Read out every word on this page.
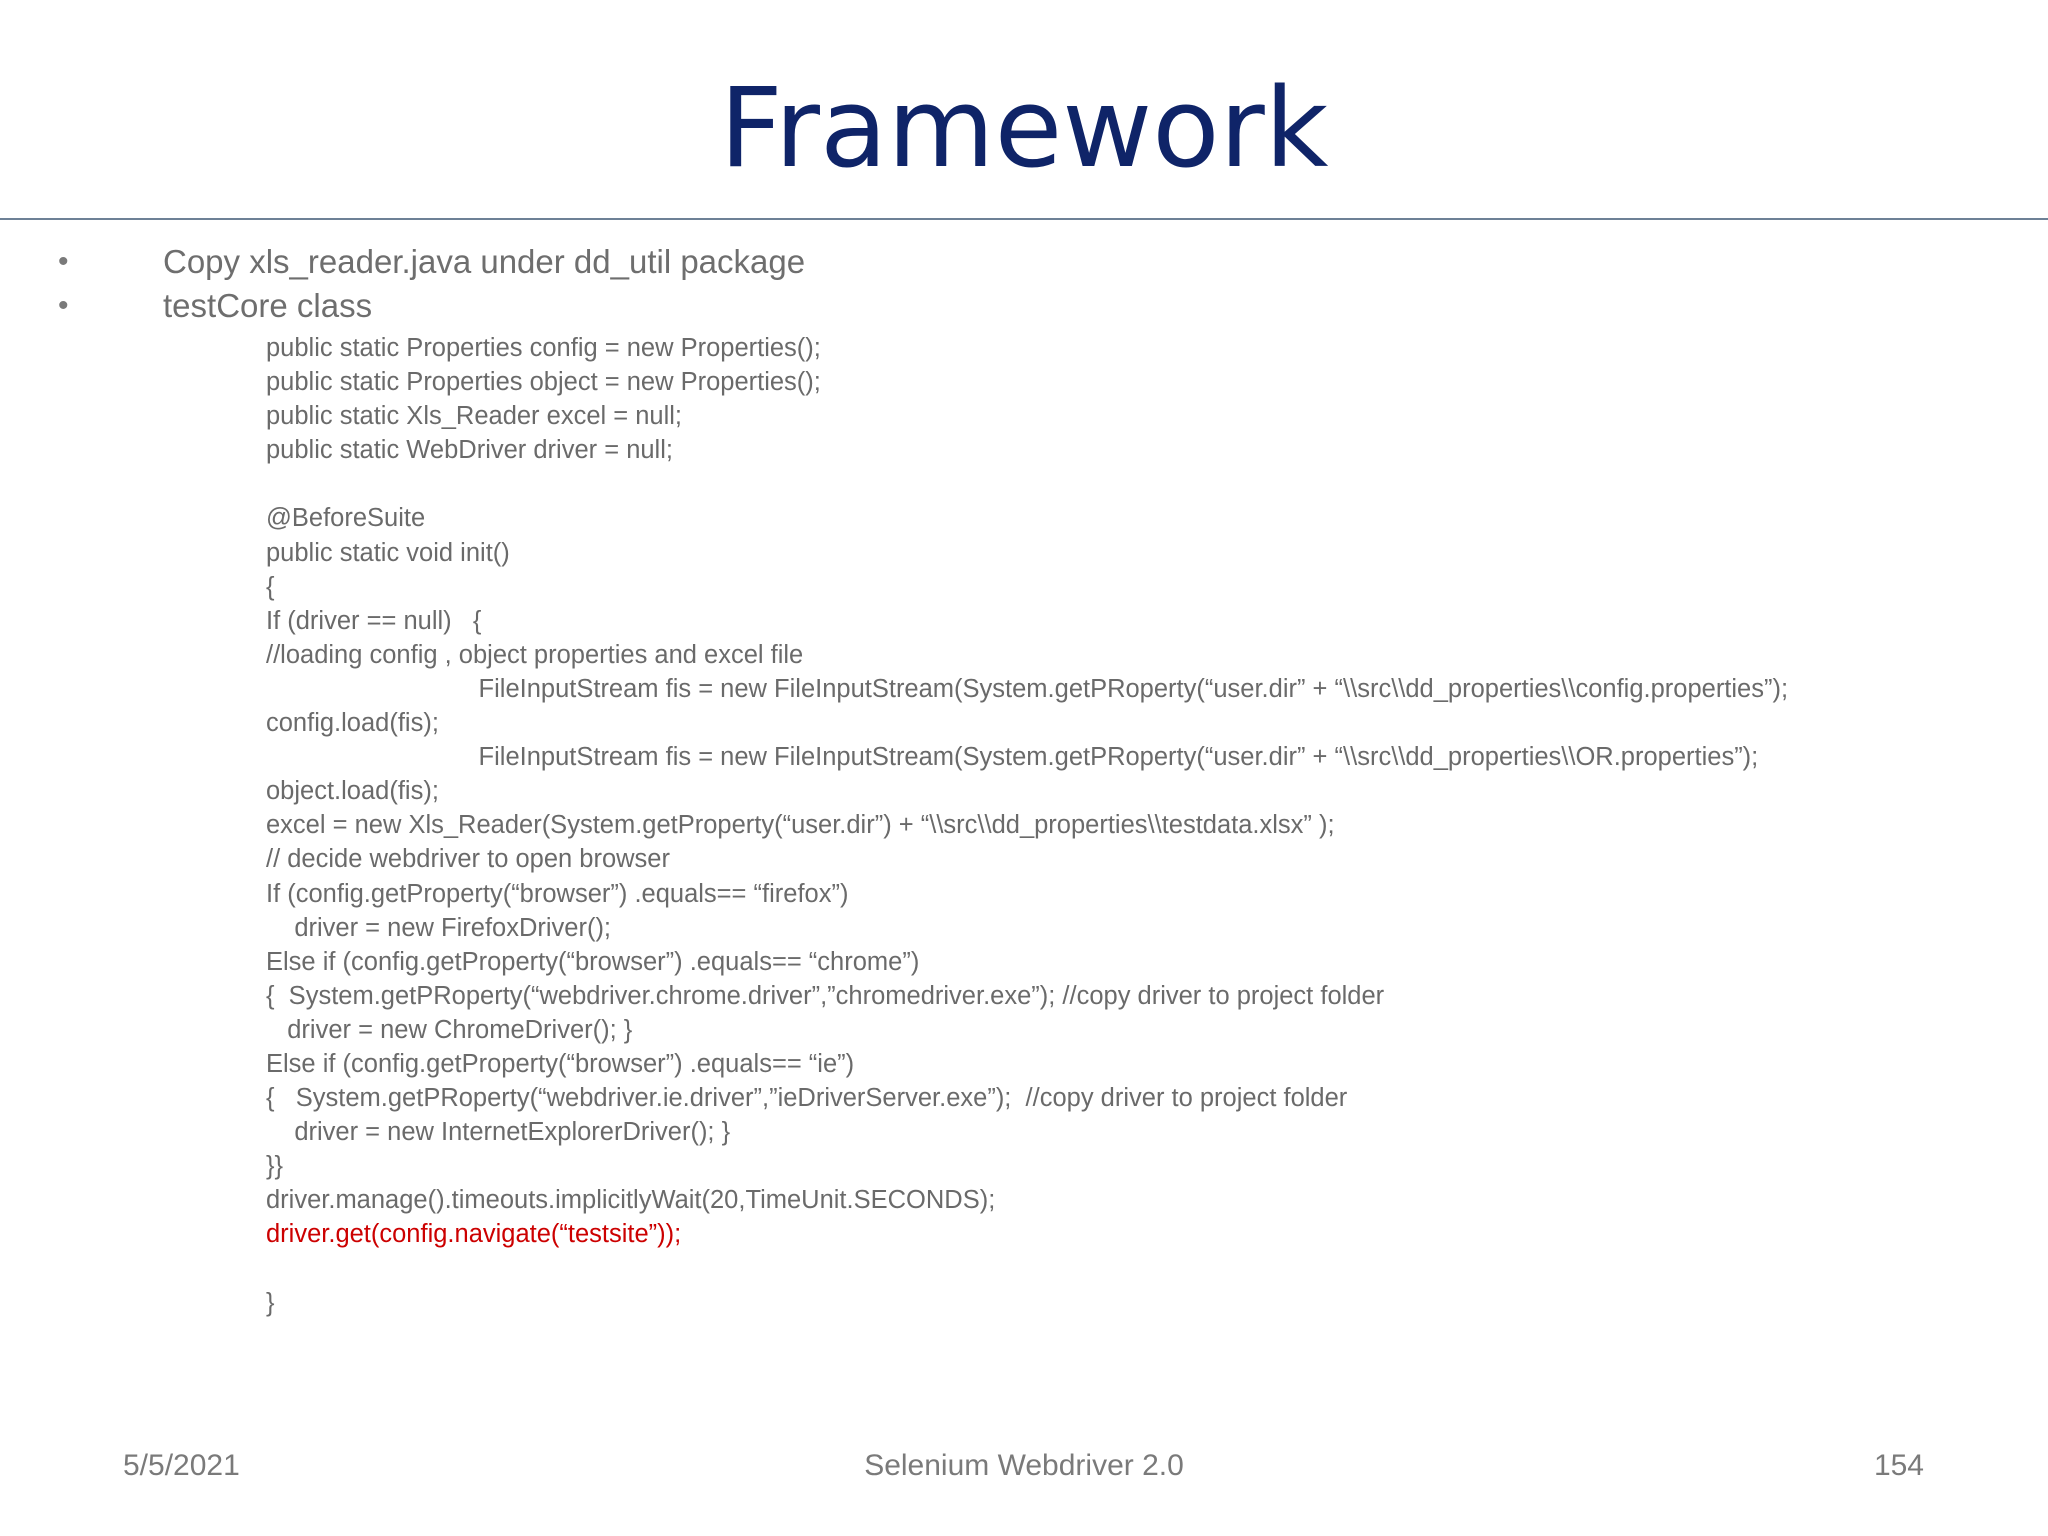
Framework
•	Copy xls_reader.java under dd_util package
•	testCore class
public static Properties config = new Properties();
public static Properties object = new Properties();
public static Xls_Reader excel = null;
public static WebDriver driver = null;
@BeforeSuite
public static void init()
{
If (driver == null)   {
//loading config , object properties and excel file
FileInputStream fis = new FileInputStream(System.getPRoperty(“user.dir” + “\\src\\dd_properties\\config.properties”);
config.load(fis);
FileInputStream fis = new FileInputStream(System.getPRoperty(“user.dir” + “\\src\\dd_properties\\OR.properties”);
object.load(fis);
excel = new Xls_Reader(System.getProperty(“user.dir”) + “\\src\\dd_properties\\testdata.xlsx” );
// decide webdriver to open browser
If (config.getProperty(“browser”) .equals== “firefox”)
driver = new FirefoxDriver();
Else if (config.getProperty(“browser”) .equals== “chrome”)
{  System.getPRoperty(“webdriver.chrome.driver”,”chromedriver.exe”); //copy driver to project folder
driver = new ChromeDriver(); }
Else if (config.getProperty(“browser”) .equals== “ie”)
{   System.getPRoperty(“webdriver.ie.driver”,”ieDriverServer.exe”);  //copy driver to project folder
driver = new InternetExplorerDriver(); }
}}
driver.manage().timeouts.implicitlyWait(20,TimeUnit.SECONDS);
driver.get(config.navigate(“testsite”));
}
5/5/2021	Selenium Webdriver 2.0	154
